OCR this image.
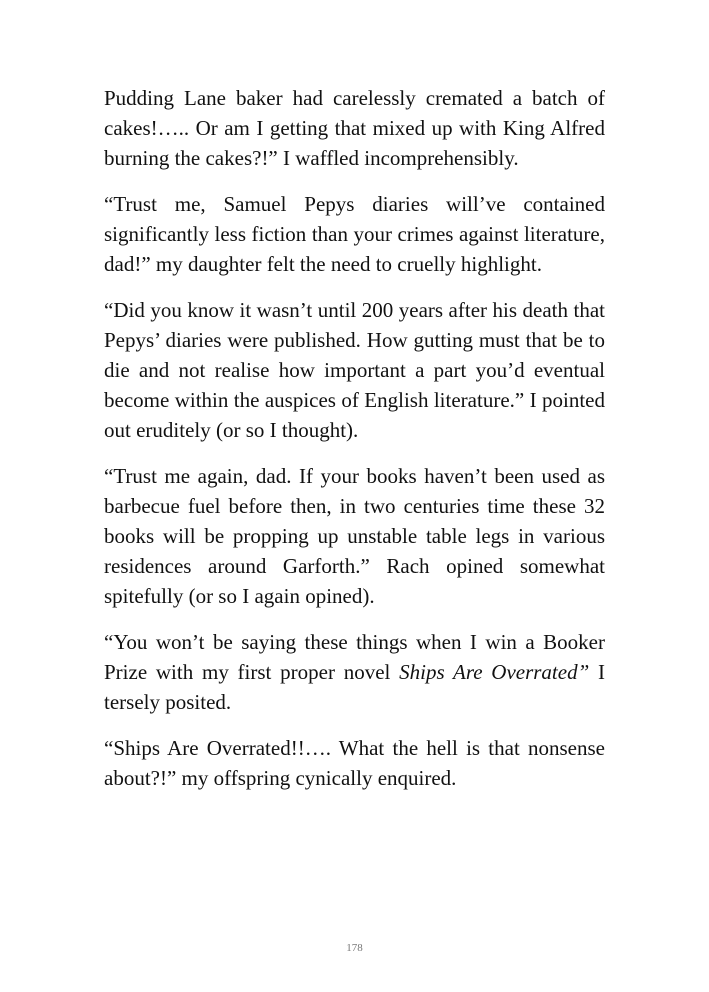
Pudding Lane baker had carelessly cremated a batch of cakes!….. Or am I getting that mixed up with King Alfred burning the cakes?!” I waffled incomprehensibly.

“Trust me, Samuel Pepys diaries will’ve contained significantly less fiction than your crimes against literature, dad!” my daughter felt the need to cruelly highlight.

“Did you know it wasn’t until 200 years after his death that Pepys’ diaries were published. How gutting must that be to die and not realise how important a part you’d eventual become within the auspices of English literature.” I pointed out eruditely (or so I thought).

“Trust me again, dad. If your books haven’t been used as barbecue fuel before then, in two centuries time these 32 books will be propping up unstable table legs in various residences around Garforth.” Rach opined somewhat spitefully (or so I again opined).

“You won’t be saying these things when I win a Booker Prize with my first proper novel Ships Are Overrated” I tersely posited.

“Ships Are Overrated!!…. What the hell is that nonsense about?!” my offspring cynically enquired.

178
